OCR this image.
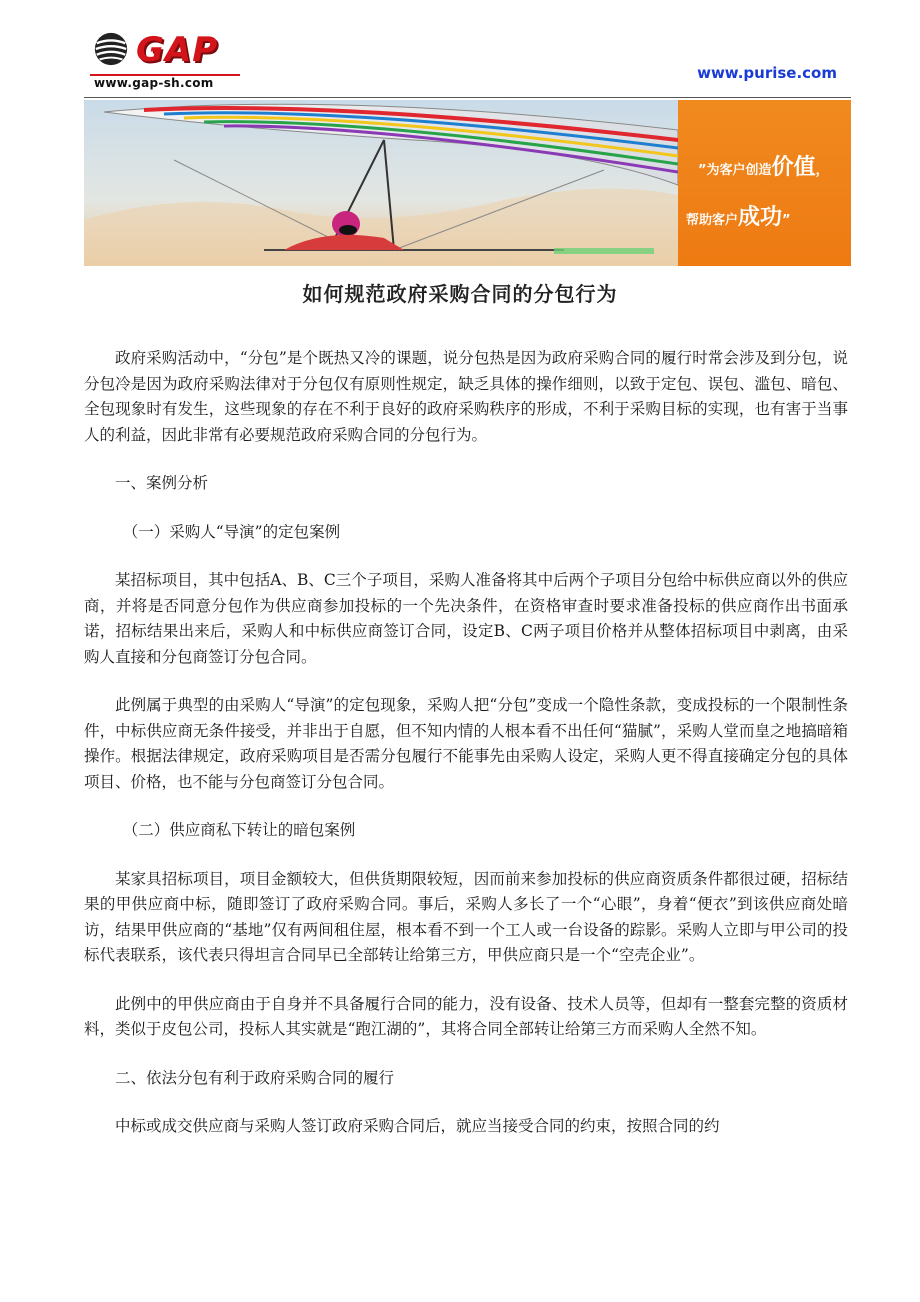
GAP
www.gap-sh.com
www.purise.com
”为客户创造价值，
帮助客户成功”
如何规范政府采购合同的分包行为

政府采购活动中，“分包”是个既热又冷的课题，说分包热是因为政府采购合同的履行时常会涉及到分包，说分包冷是因为政府采购法律对于分包仅有原则性规定，缺乏具体的操作细则，以致于定包、误包、滥包、暗包、全包现象时有发生，这些现象的存在不利于良好的政府采购秩序的形成，不利于采购目标的实现，也有害于当事人的利益，因此非常有必要规范政府采购合同的分包行为。

一、案例分析

（一）采购人“导演”的定包案例

某招标项目，其中包括A、B、C三个子项目，采购人准备将其中后两个子项目分包给中标供应商以外的供应商，并将是否同意分包作为供应商参加投标的一个先决条件，在资格审查时要求准备投标的供应商作出书面承诺，招标结果出来后，采购人和中标供应商签订合同，设定B、C两子项目价格并从整体招标项目中剥离，由采购人直接和分包商签订分包合同。

此例属于典型的由采购人“导演”的定包现象，采购人把“分包”变成一个隐性条款，变成投标的一个限制性条件，中标供应商无条件接受，并非出于自愿，但不知内情的人根本看不出任何“猫腻”，采购人堂而皇之地搞暗箱操作。根据法律规定，政府采购项目是否需分包履行不能事先由采购人设定，采购人更不得直接确定分包的具体项目、价格，也不能与分包商签订分包合同。

（二）供应商私下转让的暗包案例

某家具招标项目，项目金额较大，但供货期限较短，因而前来参加投标的供应商资质条件都很过硬，招标结果的甲供应商中标，随即签订了政府采购合同。事后，采购人多长了一个“心眼”，身着“便衣”到该供应商处暗访，结果甲供应商的“基地”仅有两间租住屋，根本看不到一个工人或一台设备的踪影。采购人立即与甲公司的投标代表联系，该代表只得坦言合同早已全部转让给第三方，甲供应商只是一个“空壳企业”。

此例中的甲供应商由于自身并不具备履行合同的能力，没有设备、技术人员等，但却有一整套完整的资质材料，类似于皮包公司，投标人其实就是“跑江湖的”，其将合同全部转让给第三方而采购人全然不知。

二、依法分包有利于政府采购合同的履行

中标或成交供应商与采购人签订政府采购合同后，就应当接受合同的约束，按照合同的约
